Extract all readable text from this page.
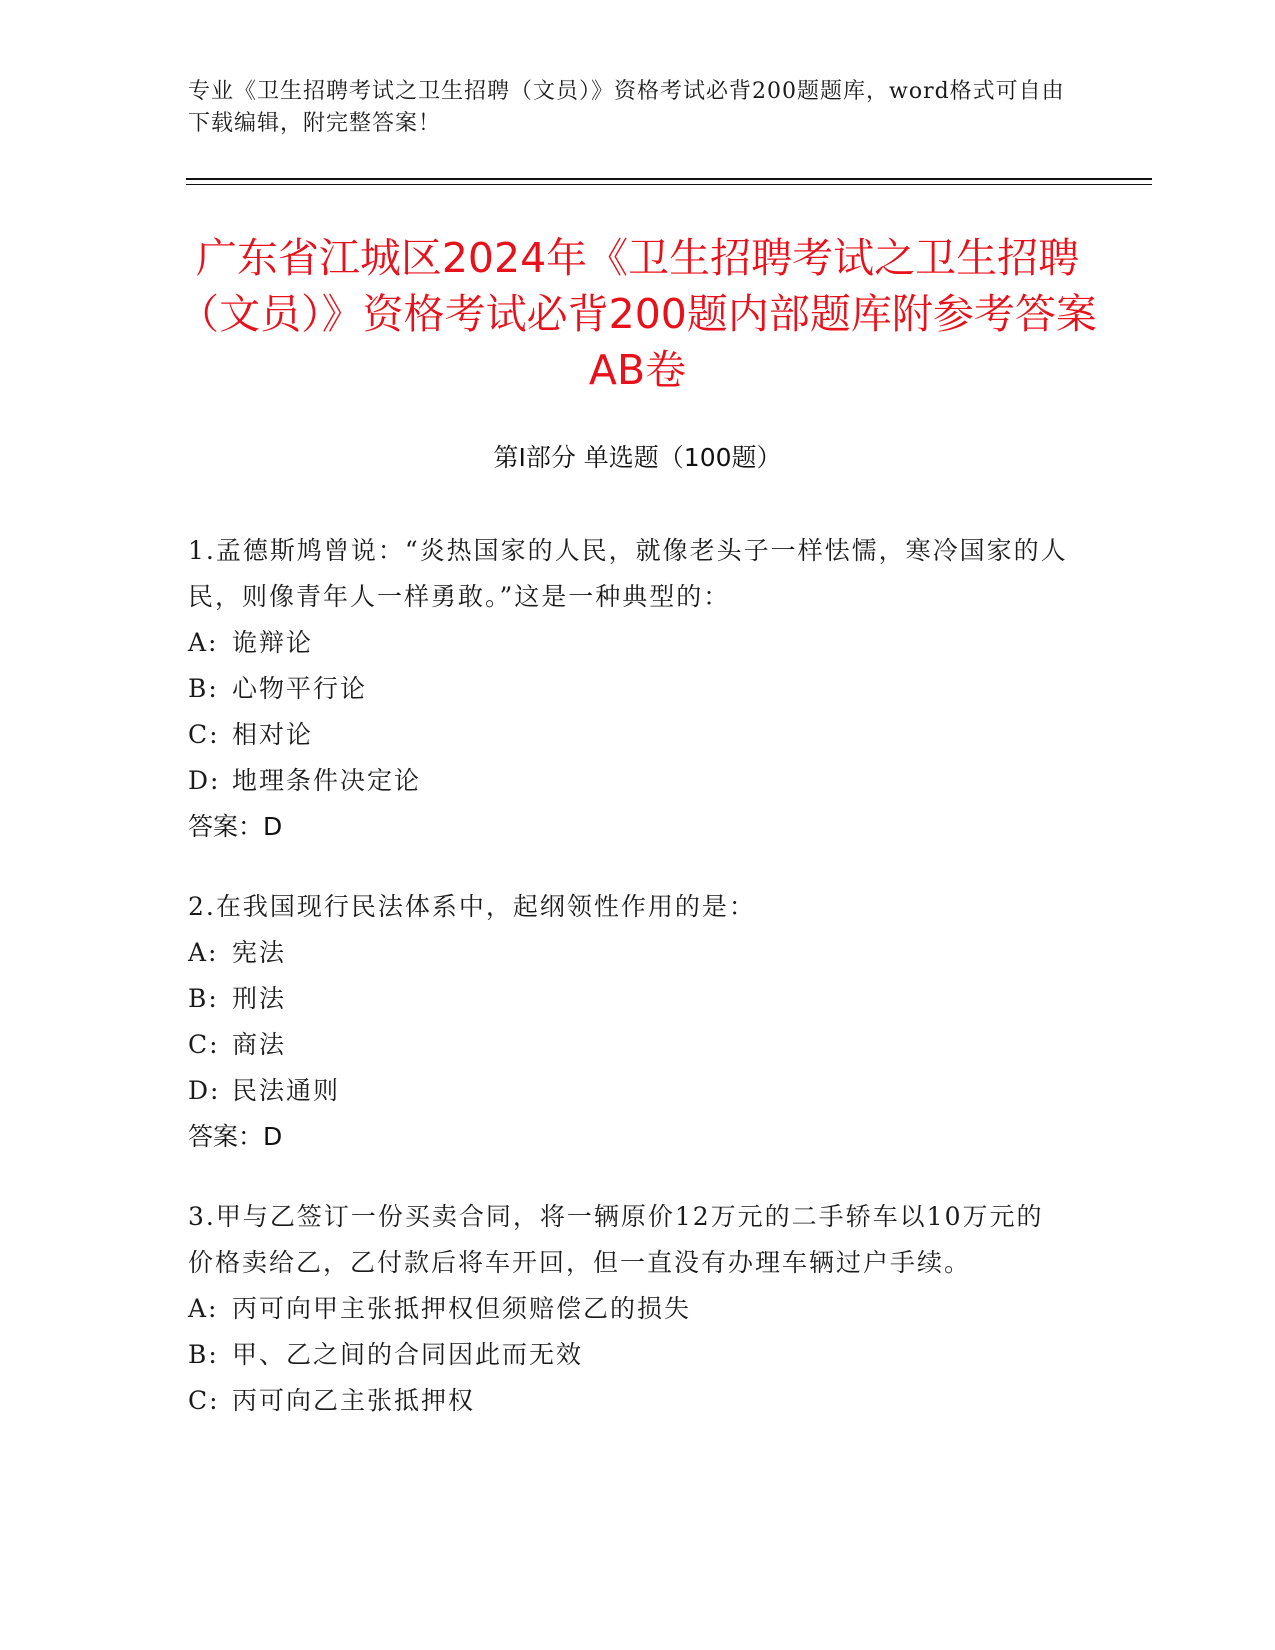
专业《卫生招聘考试之卫生招聘（文员）》资格考试必背200题题库，word格式可自由下载编辑，附完整答案！
广东省江城区2024年《卫生招聘考试之卫生招聘（文员）》资格考试必背200题内部题库附参考答案AB卷
第Ⅰ部分 单选题（100题）
1.孟德斯鸠曾说：“炎热国家的人民，就像老头子一样怯懦，寒冷国家的人民，则像青年人一样勇敢。”这是一种典型的：
A: 诡辩论
B: 心物平行论
C: 相对论
D: 地理条件决定论
答案：D
2.在我国现行民法体系中，起纲领性作用的是：
A: 宪法
B: 刑法
C: 商法
D: 民法通则
答案：D
3.甲与乙签订一份买卖合同，将一辆原价12万元的二手轿车以10万元的价格卖给乙，乙付款后将车开回，但一直没有办理车辆过户手续。
A: 丙可向甲主张抵押权但须赔偿乙的损失
B: 甲、乙之间的合同因此而无效
C: 丙可向乙主张抵押权
